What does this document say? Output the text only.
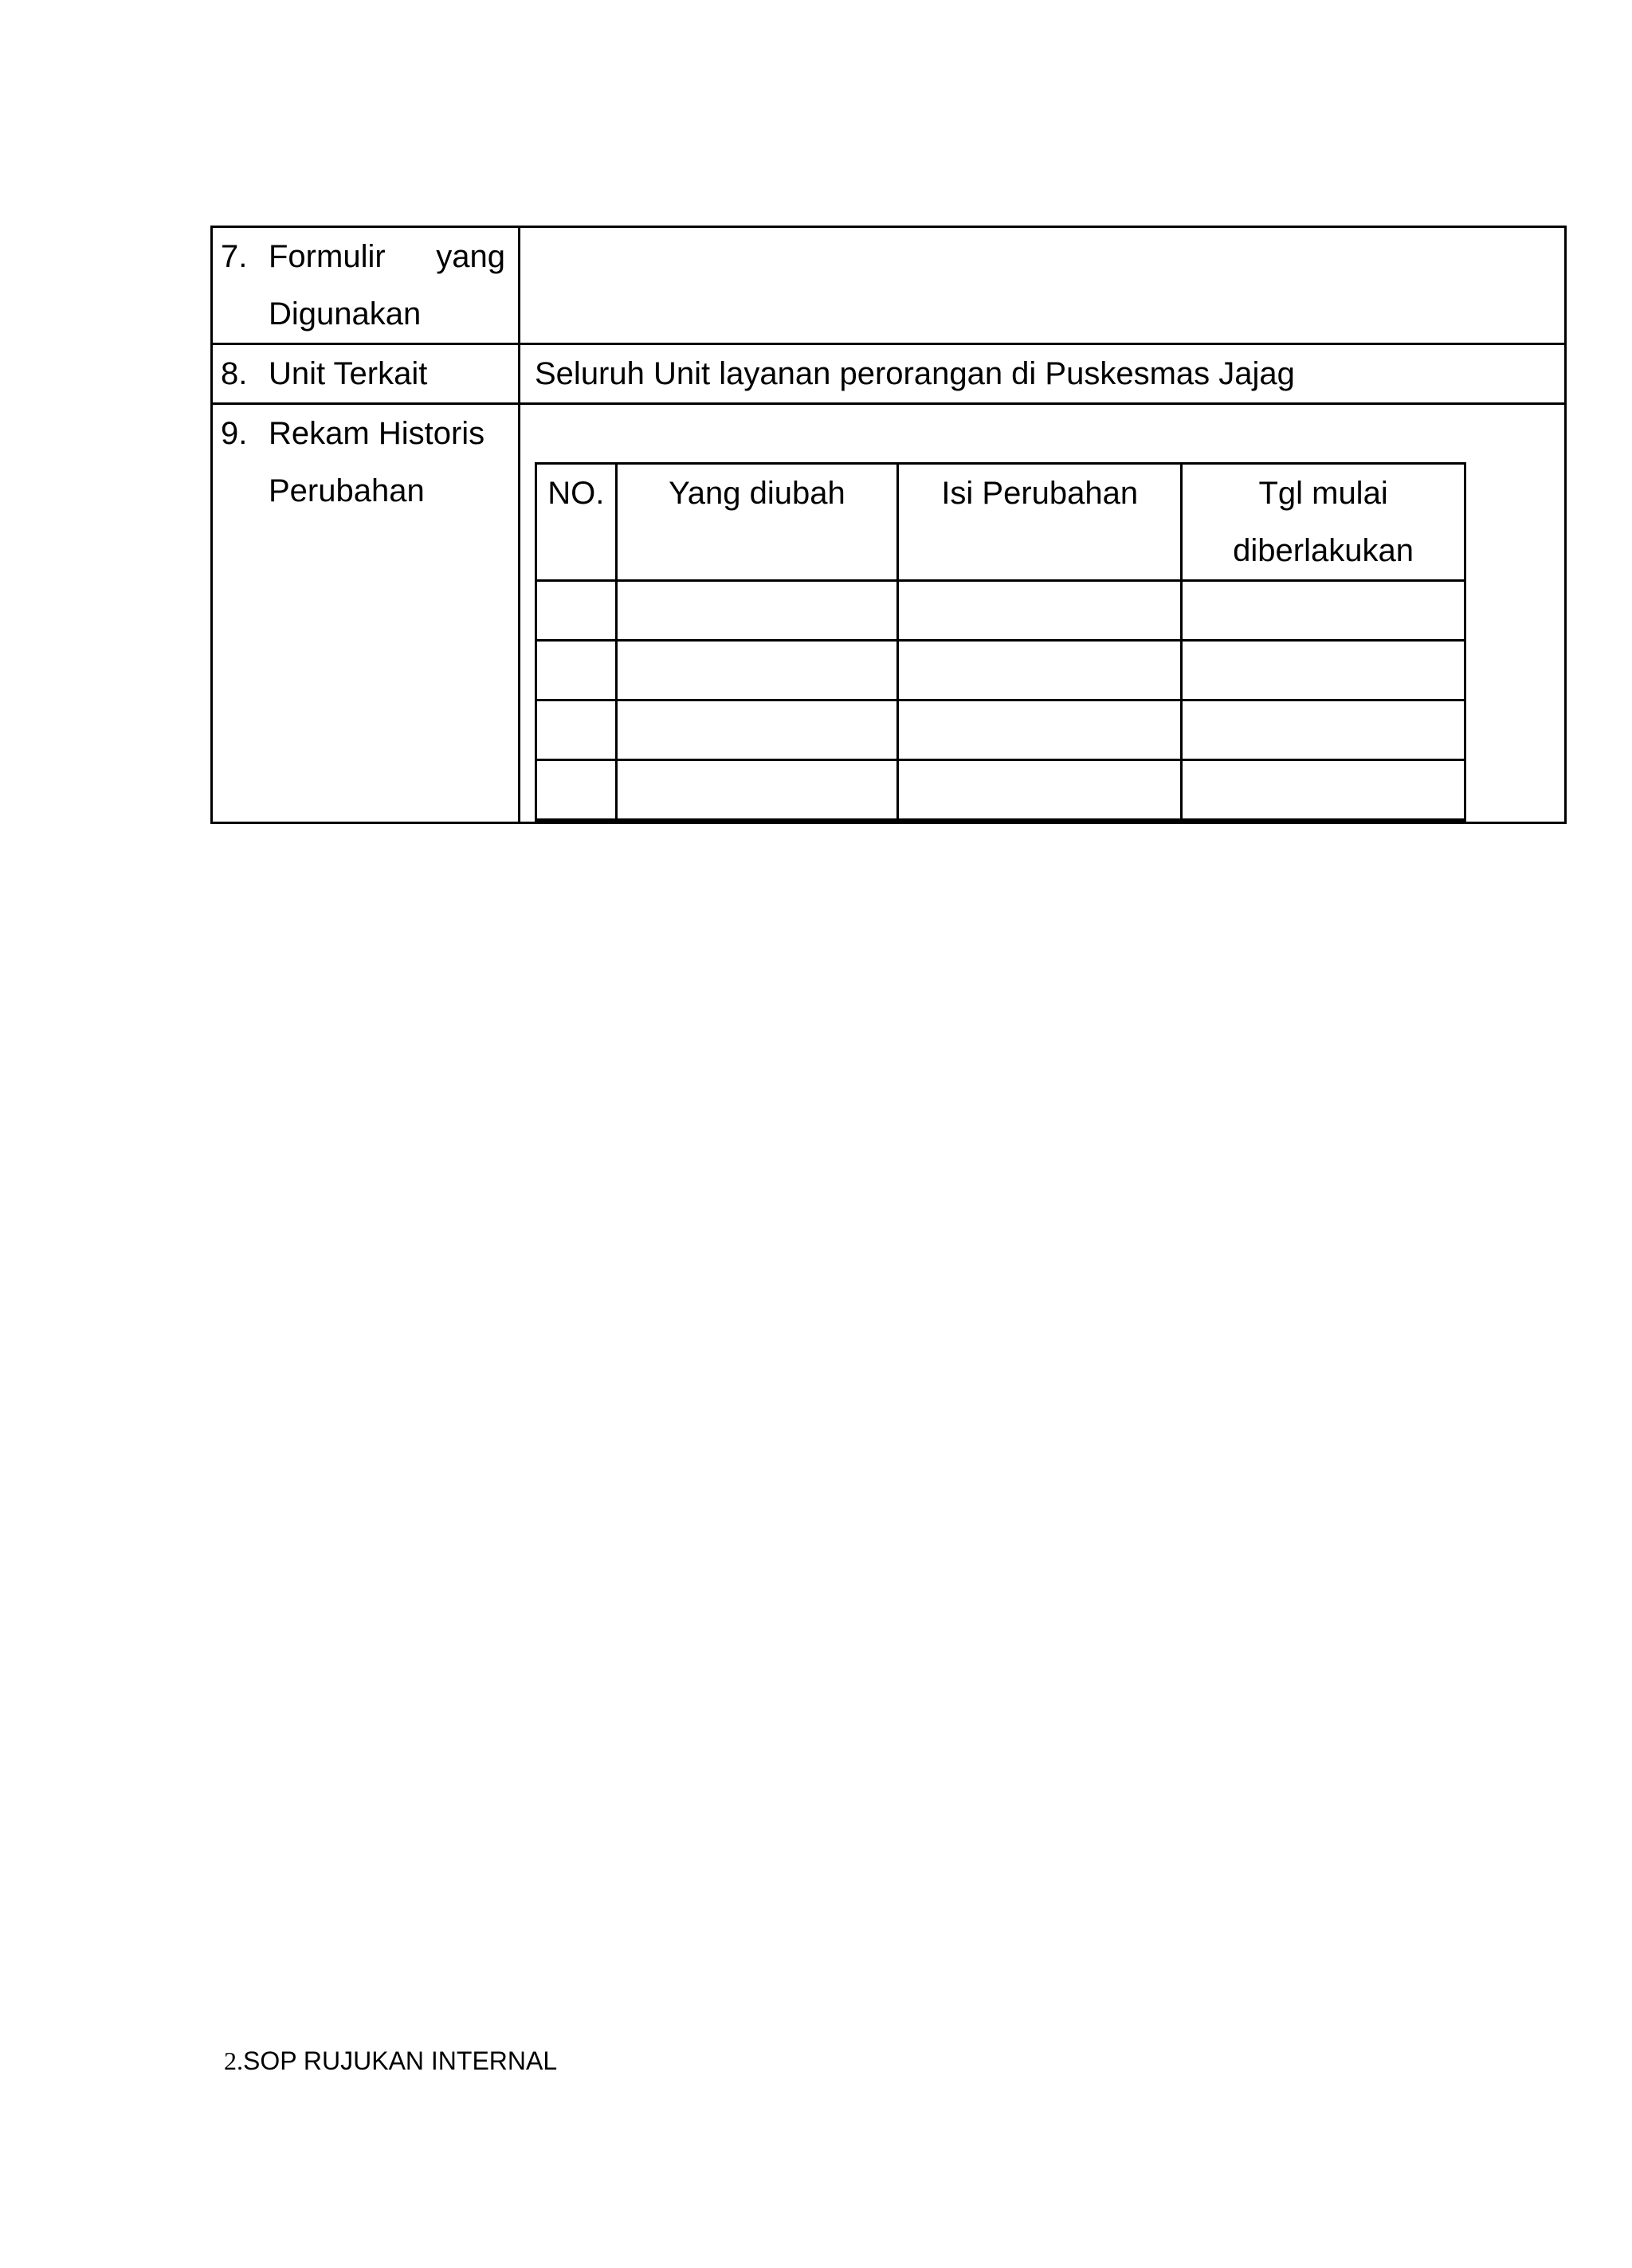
7. Formulir yang
Digunakan

8. Unit Terkait	Seluruh Unit layanan perorangan di Puskesmas Jajag

9. Rekam Historis Perubahan
		NO.	Yang diubah	Isi Perubahan	Tgl mulai diberlakukan

2.SOP RUJUKAN INTERNAL
